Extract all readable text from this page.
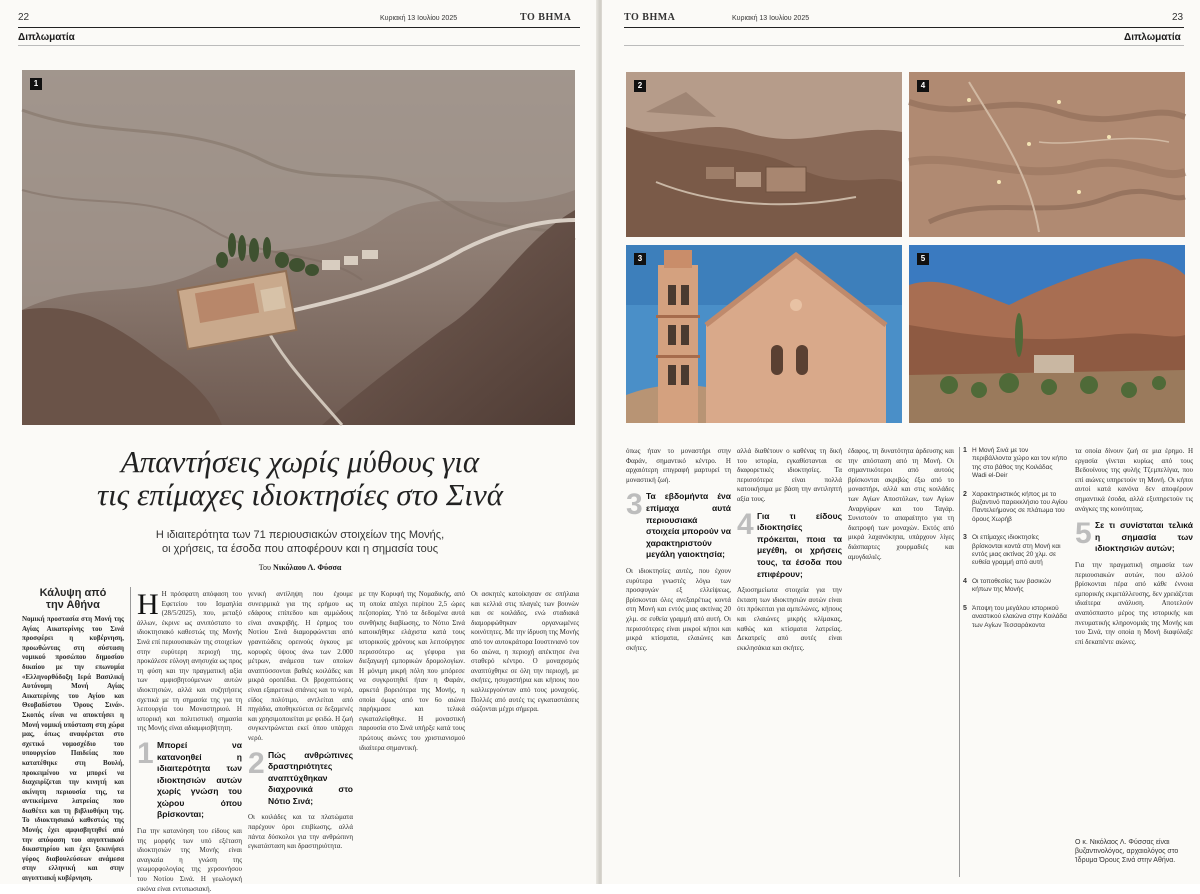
22	Κυριακή 13 Ιουλίου 2025	ΤΟ ΒΗΜΑ
Διπλωματία
1
Απαντήσεις χωρίς μύθους για
τις επίμαχες ιδιοκτησίες στο Σινά
Η ιδιαιτερότητα των 71 περιουσιακών στοιχείων της Μονής,
οι χρήσεις, τα έσοδα που αποφέρουν και η σημασία τους
Του Νικόλαου Λ. Φύσσα
Κάλυψη από
την Αθήνα

Νομική προστασία στη Μονή της Αγίας Αικατερίνης του Σινά προσφέρει η κυβέρνηση, προωθώντας στη σύσταση νομικού προσώπου δημοσίου δικαίου με την επωνυμία «Ελληνορθόδοξη Ιερά Βασιλική Αυτόνομη Μονή Αγίας Αικατερίνης του Αγίου και Θεοβαδίστου Όρους Σινά». Σκοπός είναι να αποκτήσει η Μονή νομική υπόσταση στη χώρα μας, όπως αναφέρεται στο σχετικό νομοσχέδιο του υπουργείου Παιδείας που κατατέθηκε στη Βουλή, προκειμένου να μπορεί να διαχειρίζεται την κινητή και ακίνητη περιουσία της, τα αντικείμενα λατρείας που διαθέτει και τη βιβλιοθήκη της. Το ιδιοκτησιακό καθεστώς της Μονής έχει αμφισβητηθεί από την απόφαση του αιγυπτιακού δικαστηρίου και έχει ξεκινήσει γύρος διαβουλεύσεων ανάμεσα στην ελληνική και στην αιγυπτιακή κυβέρνηση.

Η Η πρόσφατη απόφαση του Εφετείου του Ισμαηλία (28/5/2025), που, μεταξύ άλλων, έκρινε ως ανυπόστατο το ιδιοκτησιακό καθεστώς της Μονής Σινά επί περιουσιακών της στοιχείων στην ευρύτερη περιοχή της, προκάλεσε εύλογη ανησυχία ως προς τη φύση και την πραγματική αξία των αμφισβητούμενων αυτών ιδιοκτησιών, αλλά και συζητήσεις σχετικά με τη σημασία της για τη λειτουργία του Μοναστηριού. Η ιστορική και πολιτιστική σημασία της Μονής είναι αδιαμφισβήτητη.

1 Μπορεί να κατανοηθεί η ιδιαιτερότητα των ιδιοκτησιών αυτών χωρίς γνώση του χώρου όπου βρίσκονται;

Για την κατανόηση του είδους και της μορφής των υπό εξέταση ιδιοκτησιών της Μονής είναι αναγκαία η γνώση της γεωμορφολογίας της χερσονήσου του Νοτίου Σινά. Η γεωλογική εικόνα είναι εντυπωσιακή.

γενική αντίληψη που έχουμε συνειρμικά για της ερήμου ως εδάφους επίπεδου και αμμώδους είναι ανακριβής. Η έρημος του Νοτίου Σινά διαμορφώνεται από γρανιτώδεις ορεινούς όγκους με κορυφές ύψους άνω των 2.000 μέτρων, ανάμεσα των οποίων αναπτύσσονται βαθιές κοιλάδες και μικρά οροπέδια. Οι βροχοπτώσεις είναι εξαιρετικά σπάνιες και το νερό, είδος πολύτιμο, αντλείται από πηγάδια, αποθηκεύεται σε δεξαμενές και χρησιμοποιείται με φειδώ. Η ζωή συγκεντρώνεται εκεί όπου υπάρχει νερό.

2 Πώς ανθρώπινες δραστηριότητες αναπτύχθηκαν διαχρονικά στο Νότιο Σινά;

Οι κοιλάδες και τα πλατώματα παρέχουν όροι επιβίωσης, αλλά πάντα δύσκολοι για την ανθρώπινη εγκατάσταση και δραστηριότητα.

με την Κορυφή της Νομαδικής, από τη οποία απέχει περίπου 2,5 ώρες πεζοπορίας. Υπό τα δεδομένα αυτά συνθήκης διαβίωσης, το Νότιο Σινά κατοικήθηκε ελάχιστα κατά τους ιστορικούς χρόνους και λειτούργησε περισσότερο ως γέφυρα για διεξαγωγή εμπορικών δρομολογίων. Η μόνιμη μικρή πόλη που μπόρεσε να συγκροτηθεί ήταν η Φαράν, αρκετά βορειότερα της Μονής, η οποία όμως από τον 6ο αιώνα παρήκμασε και τελικά εγκαταλείφθηκε. Η μοναστική παρουσία στο Σινά υπήρξε κατά τους πρώτους αιώνες του χριστιανισμού ιδιαίτερα σημαντική.

Οι ασκητές κατοίκησαν σε σπήλαια και κελλιά στις πλαγιές των βουνών και σε κοιλάδες, ενώ σταδιακά διαμορφώθηκαν οργανωμένες κοινότητες. Με την ίδρυση της Μονής από τον αυτοκράτορα Ιουστινιανό τον 6ο αιώνα, η περιοχή απέκτησε ένα σταθερό κέντρο. Ο μοναχισμός αναπτύχθηκε σε όλη την περιοχή, με σκήτες, ησυχαστήρια και κήπους που καλλιεργούνταν από τους μοναχούς. Πολλές από αυτές τις εγκαταστάσεις σώζονται μέχρι σήμερα.

ΤΟ ΒΗΜΑ	Κυριακή 13 Ιουλίου 2025	23
Διπλωματία
2	4
3	5

όπως ήταν το μοναστήρι στην Φαράν, σημαντικό κέντρο. Η αρχαιότερη επιγραφή μαρτυρεί τη μοναστική ζωή.

3 Τα εβδομήντα ένα επίμαχα αυτά περιουσιακά στοιχεία μπορούν να χαρακτηριστούν μεγάλη γαιοκτησία;

Οι ιδιοκτησίες αυτές, που έχουν ευρύτερα γνωστές λόγω των προσφυγών εξ ελλείψεως, βρίσκονται όλες ανεξαιρέτως κοντά στη Μονή και εντός μιας ακτίνας 20 χλμ. σε ευθεία γραμμή από αυτή. Οι περισσότερες είναι μικροί κήποι και μικρά κτίσματα, ελαιώνες και σκήτες.

αλλά διαθέτουν ο καθένας τη δική του ιστορία, εγκαθίστανται σε διαφορετικές ιδιοκτησίες. Τα περισσότερα είναι πολλά κατοικήσιμα με βάση την αντιληπτή αξία τους.

4 Για τι είδους ιδιοκτησίες πρόκειται, ποια τα μεγέθη, οι χρήσεις τους, τα έσοδα που επιφέρουν;

Αξιοσημείωτα στοιχεία για την έκταση των ιδιοκτησιών αυτών είναι ότι πρόκειται για αμπελώνες, κήπους και ελαιώνες μικρής κλίμακας, καθώς και κτίσματα λατρείας. Δεκατρείς από αυτές είναι εκκλησάκια και σκήτες.

έδαφος, τη δυνατότητα άρδευσης και την απόσταση από τη Μονή. Οι σημαντικότεροι από αυτούς βρίσκονται ακριβώς έξω από το μοναστήρι, αλλά και στις κοιλάδες των Αγίων Αποστόλων, των Αγίων Αναργύρων και του Ταγάρ. Συνιστούν το απαραίτητο για τη διατροφή των μοναχών. Εκτός από μικρά λαχανόκηπα, υπάρχουν λίγες διάσπαρτες χουρμαδιές και αμυγδαλιές.

1 Η Μονή Σινά με τον περιβάλλοντα χώρο και τον κήπο της στο βάθος της Κοιλάδας Wadi el-Deir
2 Χαρακτηριστικός κήπος με το βυζαντινό παρεκκλήσιο του Αγίου Παντελεήμονος σε πλάτωμα του όρους Χωρήβ
3 Οι επίμαχες ιδιοκτησίες βρίσκονται κοντά στη Μονή και εντός μιας ακτίνας 20 χλμ. σε ευθεία γραμμή από αυτή
4 Οι τοποθεσίες των βασικών κήπων της Μονής
5 Άποψη του μεγάλου ιστορικού αναστικού ελαιώνα στην Κοιλάδα των Αγίων Τεσσαράκοντα

τα οποία δίνουν ζωή σε μια έρημο. Η εργασία γίνεται κυρίως από τους Βεδουίνους της φυλής Τζεμπελίγια, που επί αιώνες υπηρετούν τη Μονή. Οι κήποι αυτοί κατά κανόνα δεν αποφέρουν σημαντικά έσοδα, αλλά εξυπηρετούν τις ανάγκες της κοινότητας.

5 Σε τι συνίσταται τελικά η σημασία των ιδιοκτησιών αυτών;

Για την πραγματική σημασία των περιουσιακών αυτών, που αλλού βρίσκονται πέρα από κάθε έννοια εμπορικής εκμετάλλευσης, δεν χρειάζεται ιδιαίτερα ανάλυση. Αποτελούν αναπόσπαστο μέρος της ιστορικής και πνευματικής κληρονομιάς της Μονής και του Σινά, την οποία η Μονή διαφύλαξε επί δεκαπέντε αιώνες.

Ο κ. Νικόλαος Λ. Φύσσας είναι βυζαντινολόγος, αρχαιολόγος στο Ίδρυμα Όρους Σινά στην Αθήνα.
